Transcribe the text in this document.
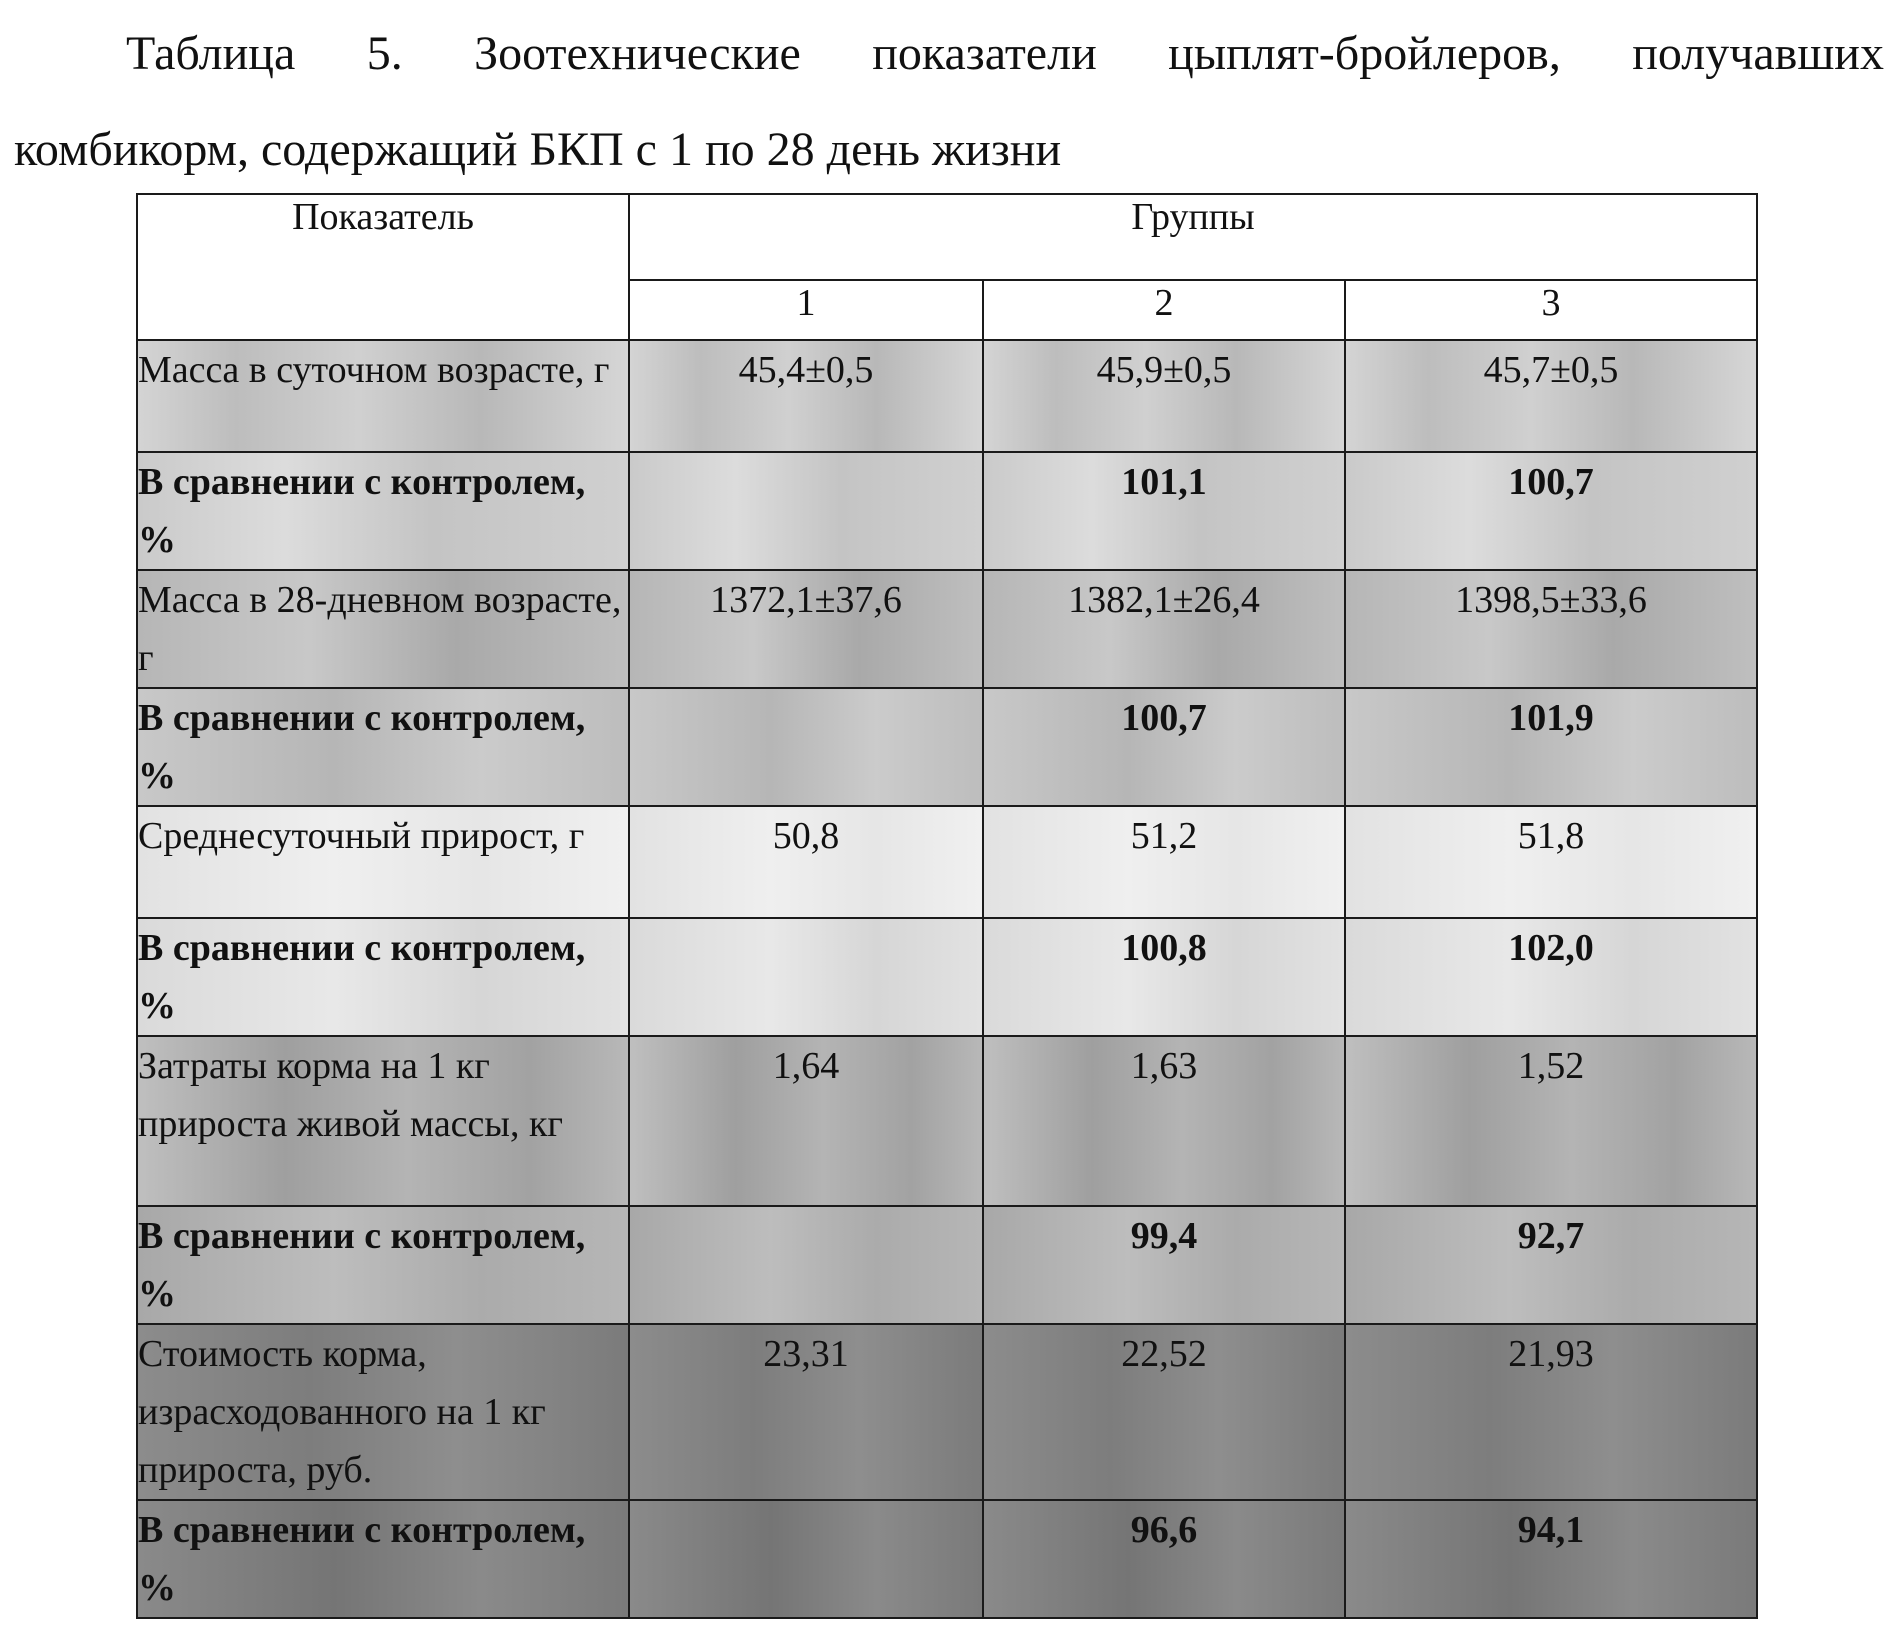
Таблица 5. Зоотехнические показатели цыплят-бройлеров, получавших
комбикорм, содержащий БКП с 1 по 28 день жизни

Показатель	Группы		
	1	2	3
Массa в суточном возрасте, г	45,4±0,5	45,9±0,5	45,7±0,5
В сравнении с контролем, %		101,1	100,7
Масса в 28-дневном возрасте, г	1372,1±37,6	1382,1±26,4	1398,5±33,6
В сравнении с контролем, %		100,7	101,9
Среднесуточный прирост, г	50,8	51,2	51,8
В сравнении с контролем, %		100,8	102,0
Затраты корма на 1 кг прироста живой массы, кг	1,64	1,63	1,52
В сравнении с контролем, %		99,4	92,7
Стоимость корма, израсходованного на 1 кг прироста, руб.	23,31	22,52	21,93
В сравнении с контролем, %		96,6	94,1
